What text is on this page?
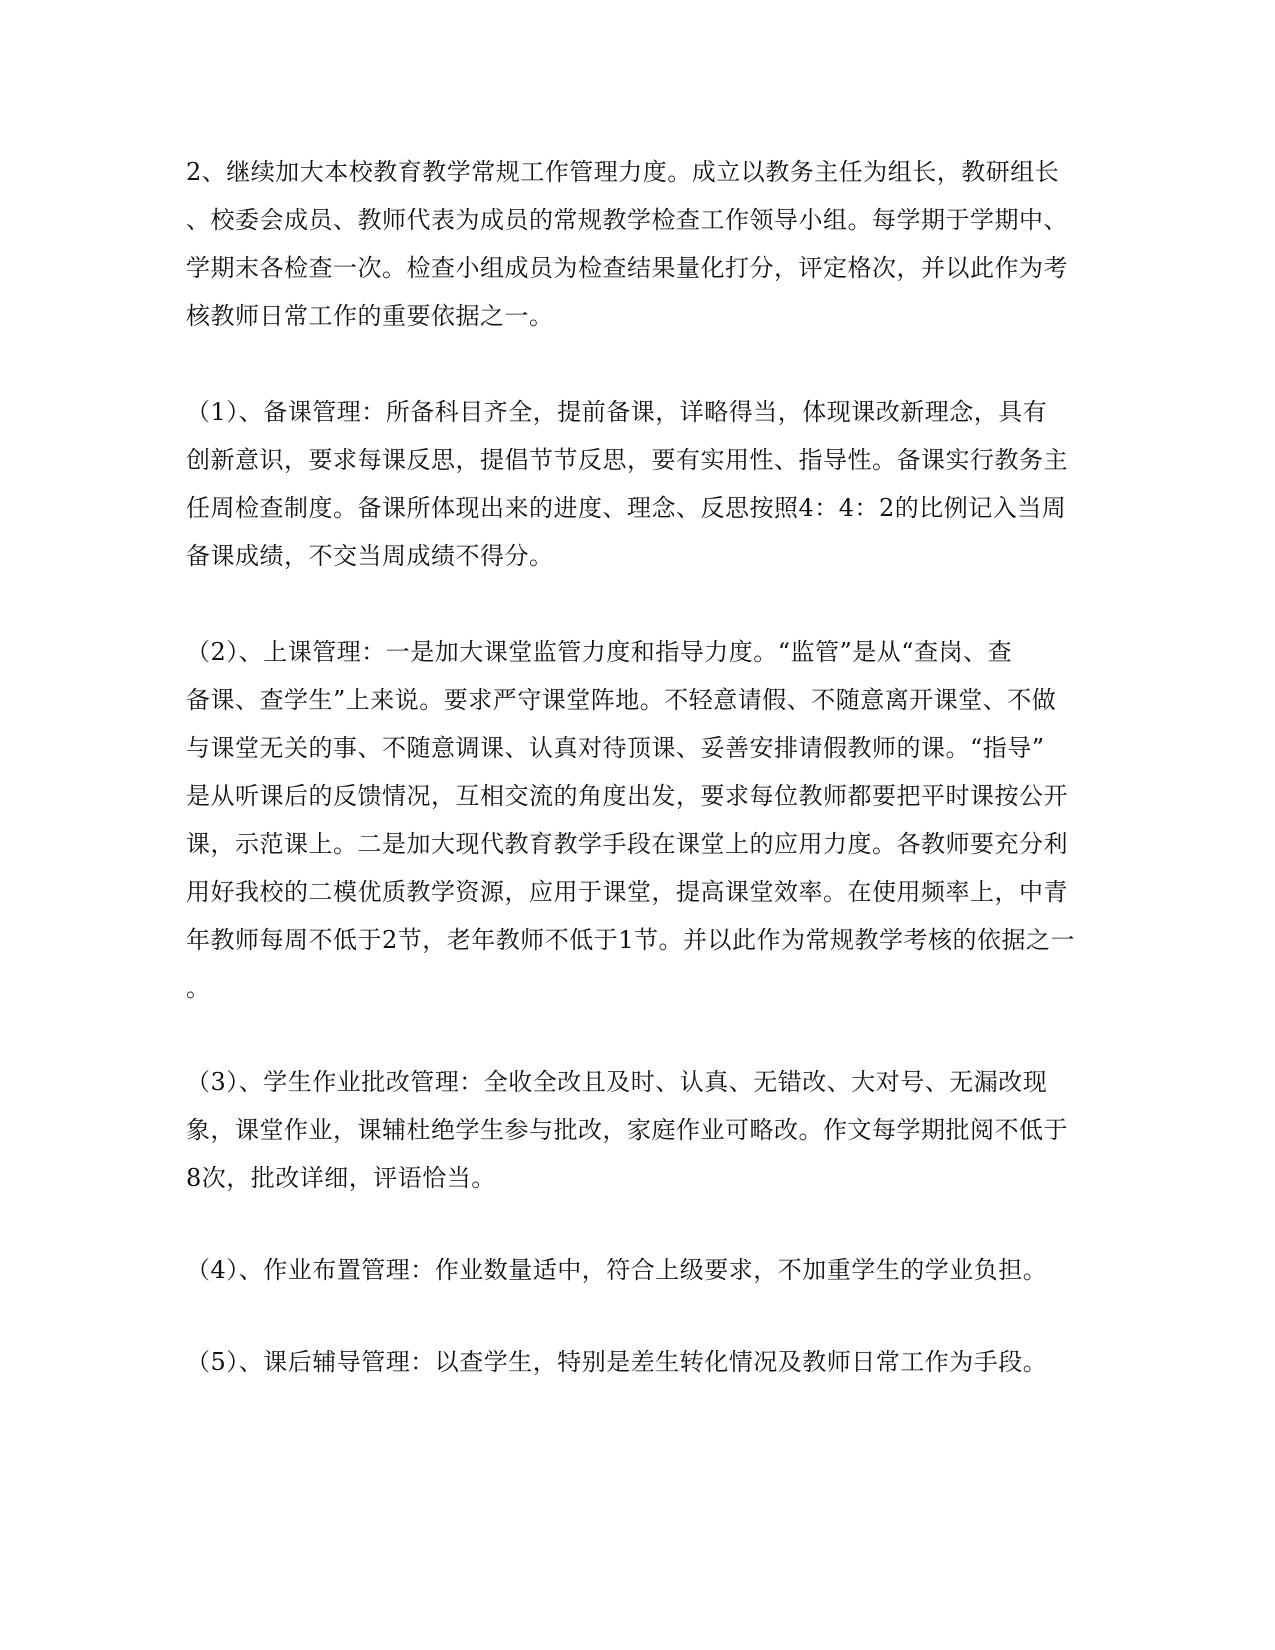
2、继续加大本校教育教学常规工作管理力度。成立以教务主任为组长，教研组长
、校委会成员、教师代表为成员的常规教学检查工作领导小组。每学期于学期中、
学期末各检查一次。检查小组成员为检查结果量化打分，评定格次，并以此作为考
核教师日常工作的重要依据之一。

（1）、备课管理：所备科目齐全，提前备课，详略得当，体现课改新理念，具有
创新意识，要求每课反思，提倡节节反思，要有实用性、指导性。备课实行教务主
任周检查制度。备课所体现出来的进度、理念、反思按照4：4：2的比例记入当周
备课成绩，不交当周成绩不得分。

（2）、上课管理：一是加大课堂监管力度和指导力度。“监管”是从“查岗、查
备课、查学生”上来说。要求严守课堂阵地。不轻意请假、不随意离开课堂、不做
与课堂无关的事、不随意调课、认真对待顶课、妥善安排请假教师的课。“指导”
是从听课后的反馈情况，互相交流的角度出发，要求每位教师都要把平时课按公开
课，示范课上。二是加大现代教育教学手段在课堂上的应用力度。各教师要充分利
用好我校的二模优质教学资源，应用于课堂，提高课堂效率。在使用频率上，中青
年教师每周不低于2节，老年教师不低于1节。并以此作为常规教学考核的依据之一
。

（3）、学生作业批改管理：全收全改且及时、认真、无错改、大对号、无漏改现
象，课堂作业，课辅杜绝学生参与批改，家庭作业可略改。作文每学期批阅不低于
8次，批改详细，评语恰当。

（4）、作业布置管理：作业数量适中，符合上级要求，不加重学生的学业负担。

（5）、课后辅导管理：以查学生，特别是差生转化情况及教师日常工作为手段。
